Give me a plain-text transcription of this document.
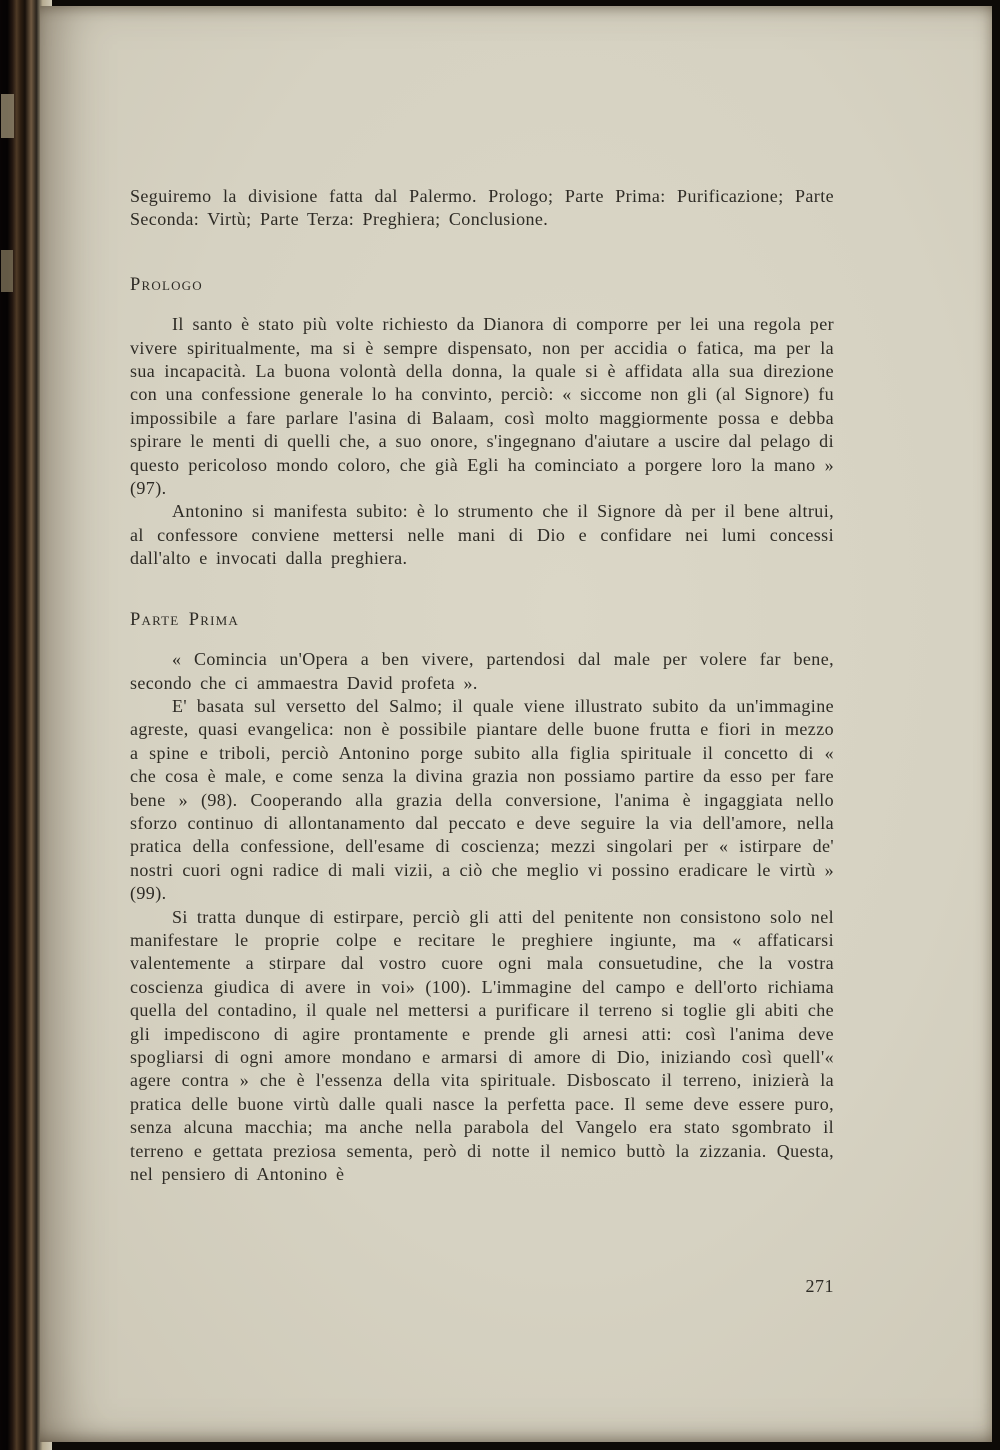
Seguiremo la divisione fatta dal Palermo. Prologo; Parte Prima: Purificazione; Parte Seconda: Virtù; Parte Terza: Preghiera; Conclusione.

Prologo

Il santo è stato più volte richiesto da Dianora di comporre per lei una regola per vivere spiritualmente, ma si è sempre dispensato, non per accidia o fatica, ma per la sua incapacità. La buona volontà della donna, la quale si è affidata alla sua direzione con una confessione generale lo ha convinto, perciò: « siccome non gli (al Signore) fu impossibile a fare parlare l'asina di Balaam, così molto maggiormente possa e debba spirare le menti di quelli che, a suo onore, s'ingegnano d'aiutare a uscire dal pelago di questo pericoloso mondo coloro, che già Egli ha cominciato a porgere loro la mano » (97).

Antonino si manifesta subito: è lo strumento che il Signore dà per il bene altrui, al confessore conviene mettersi nelle mani di Dio e confidare nei lumi concessi dall'alto e invocati dalla preghiera.

Parte Prima

« Comincia un'Opera a ben vivere, partendosi dal male per volere far bene, secondo che ci ammaestra David profeta ».

E' basata sul versetto del Salmo; il quale viene illustrato subito da un'immagine agreste, quasi evangelica: non è possibile piantare delle buone frutta e fiori in mezzo a spine e triboli, perciò Antonino porge subito alla figlia spirituale il concetto di « che cosa è male, e come senza la divina grazia non possiamo partire da esso per fare bene » (98). Cooperando alla grazia della conversione, l'anima è ingaggiata nello sforzo continuo di allontanamento dal peccato e deve seguire la via dell'amore, nella pratica della confessione, dell'esame di coscienza; mezzi singolari per « istirpare de' nostri cuori ogni radice di mali vizii, a ciò che meglio vi possino eradicare le virtù » (99).

Si tratta dunque di estirpare, perciò gli atti del penitente non consistono solo nel manifestare le proprie colpe e recitare le preghiere ingiunte, ma « affaticarsi valentemente a stirpare dal vostro cuore ogni mala consuetudine, che la vostra coscienza giudica di avere in voi» (100). L'immagine del campo e dell'orto richiama quella del contadino, il quale nel mettersi a purificare il terreno si toglie gli abiti che gli impediscono di agire prontamente e prende gli arnesi atti: così l'anima deve spogliarsi di ogni amore mondano e armarsi di amore di Dio, iniziando così quell'« agere contra » che è l'essenza della vita spirituale. Disboscato il terreno, inizierà la pratica delle buone virtù dalle quali nasce la perfetta pace. Il seme deve essere puro, senza alcuna macchia; ma anche nella parabola del Vangelo era stato sgombrato il terreno e gettata preziosa sementa, però di notte il nemico buttò la zizzania. Questa, nel pensiero di Antonino è

271
